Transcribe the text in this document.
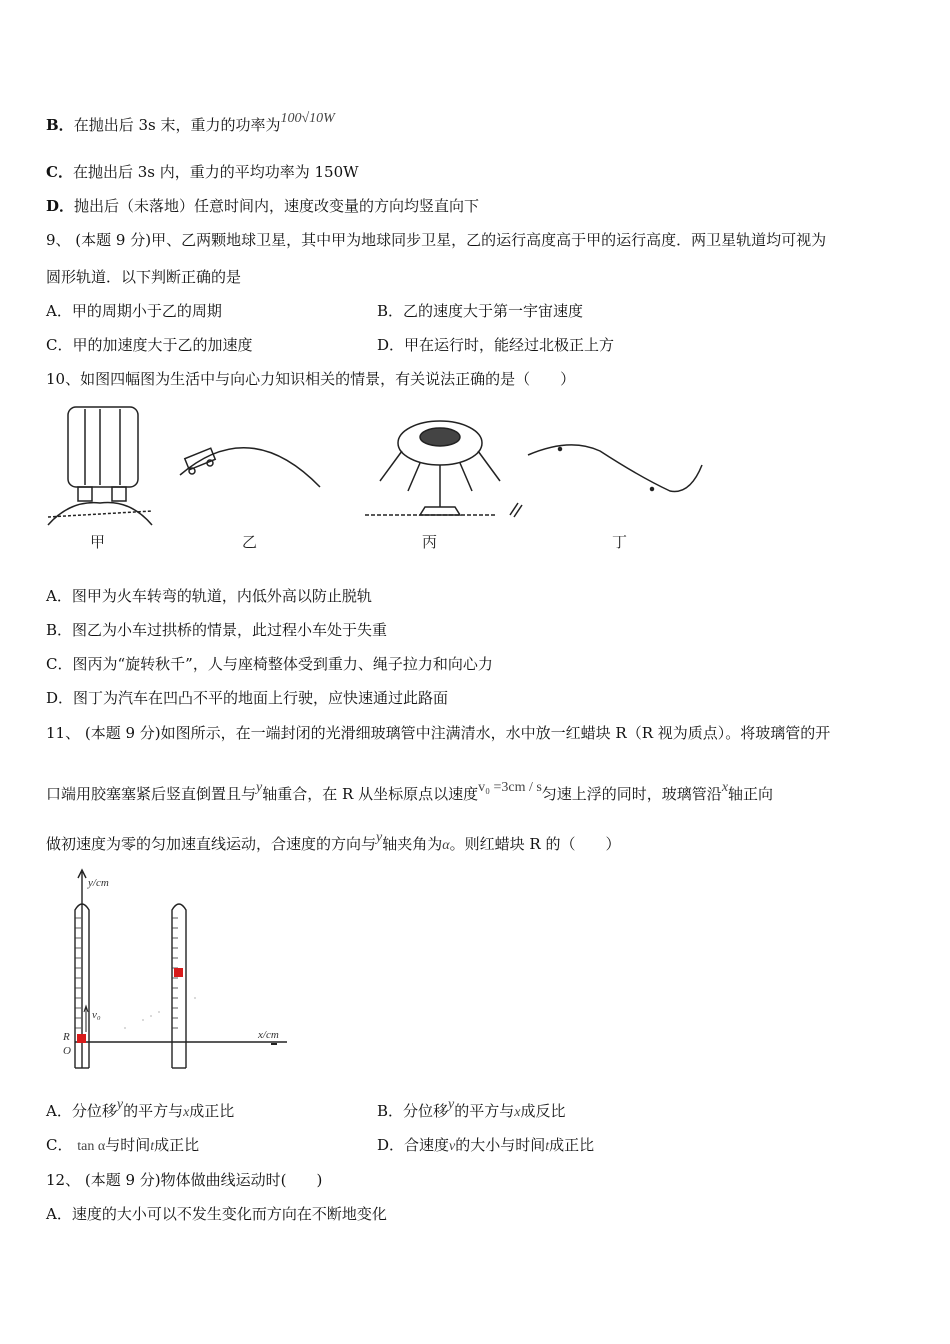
B．在抛出后 3s 末，重力的功率为100√10W
C．在抛出后 3s 内，重力的平均功率为 150W
D．抛出后（未落地）任意时间内，速度改变量的方向均竖直向下
9、 (本题 9 分)甲、乙两颗地球卫星，其中甲为地球同步卫星，乙的运行高度高于甲的运行高度．两卫星轨道均可视为
圆形轨道．以下判断正确的是
A．甲的周期小于乙的周期	B．乙的速度大于第一宇宙速度
C．甲的加速度大于乙的加速度	D．甲在运行时，能经过北极正上方
10、如图四幅图为生活中与向心力知识相关的情景，有关说法正确的是（　　）
甲	乙	丙	丁
A．图甲为火车转弯的轨道，内低外高以防止脱轨
B．图乙为小车过拱桥的情景，此过程小车处于失重
C．图丙为“旋转秋千”，人与座椅整体受到重力、绳子拉力和向心力
D．图丁为汽车在凹凸不平的地面上行驶，应快速通过此路面
11、 (本题 9 分)如图所示，在一端封闭的光滑细玻璃管中注满清水，水中放一红蜡块 R（R 视为质点）。将玻璃管的开
口端用胶塞塞紧后竖直倒置且与y轴重合，在 R 从坐标原点以速度v₀ =3cm / s匀速上浮的同时，玻璃管沿x轴正向
做初速度为零的匀加速直线运动，合速度的方向与y轴夹角为α。则红蜡块 R 的（　　）
y/cm
x/cm
v₀
R
O
A．分位移y的平方与x成正比	B．分位移y的平方与x成反比
C． tan α与时间t成正比	D．合速度v的大小与时间t成正比
12、 (本题 9 分)物体做曲线运动时(　　)
A．速度的大小可以不发生变化而方向在不断地变化
